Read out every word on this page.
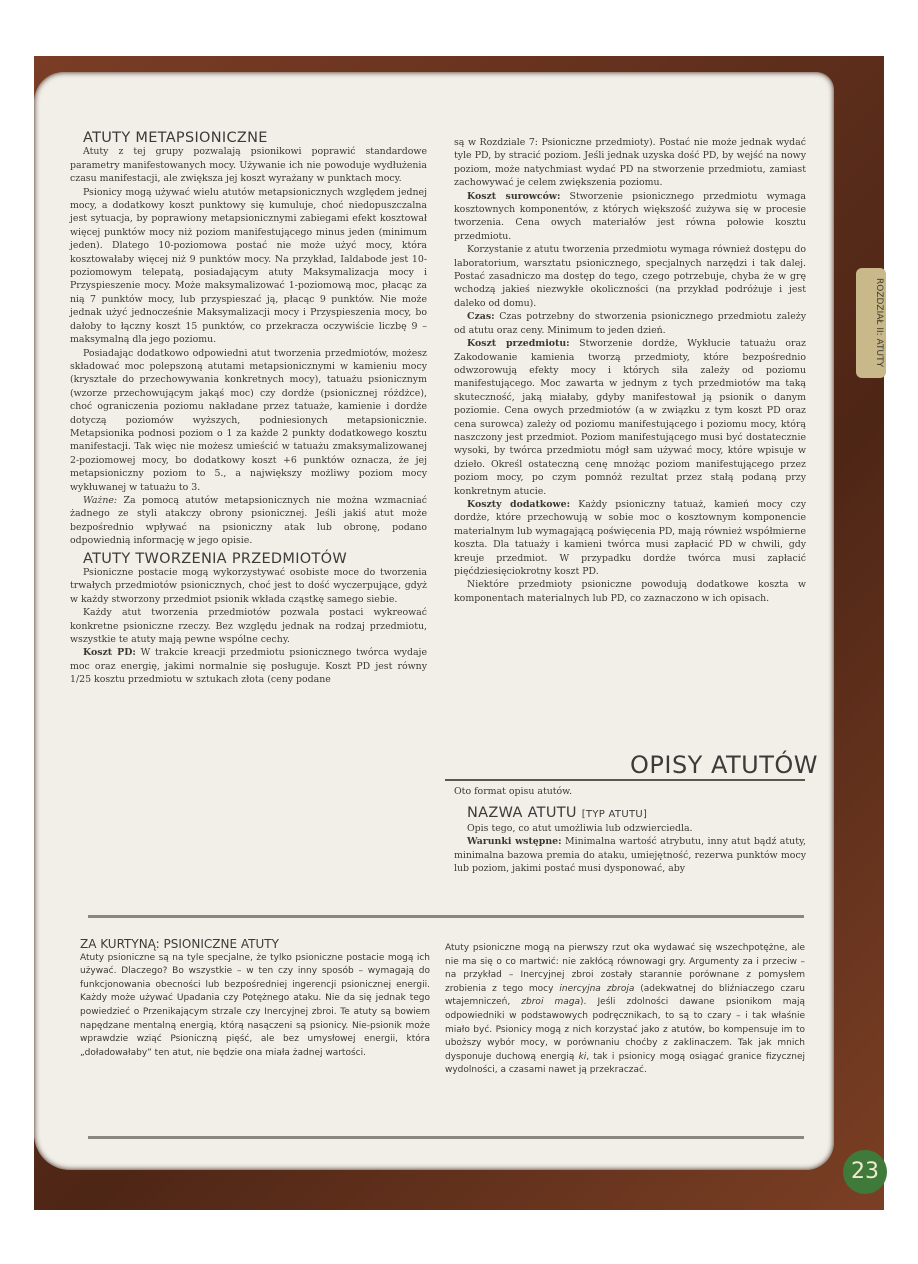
ROZDZIAŁ II: ATUTY

ATUTY METAPSIONICZNE

Atuty z tej grupy pozwalają psionikowi poprawić standardowe parametry manifestowanych mocy. Używanie ich nie powoduje wydłużenia czasu manifestacji, ale zwiększa jej koszt wyrażany w punktach mocy.

Psionicy mogą używać wielu atutów metapsionicznych względem jednej mocy, a dodatkowy koszt punktowy się kumuluje, choć niedopuszczalna jest sytuacja, by poprawiony metapsionicznymi zabiegami efekt kosztował więcej punktów mocy niż poziom manifestującego minus jeden (minimum jeden). Dlatego 10-poziomowa postać nie może użyć mocy, która kosztowałaby więcej niż 9 punktów mocy. Na przykład, Ialdabode jest 10-poziomowym telepatą, posiadającym atuty Maksymalizacja mocy i Przyspieszenie mocy. Może maksymalizować 1-poziomową moc, płacąc za nią 7 punktów mocy, lub przyspieszać ją, płacąc 9 punktów. Nie może jednak użyć jednocześnie Maksymalizacji mocy i Przyspieszenia mocy, bo dałoby to łączny koszt 15 punktów, co przekracza oczywiście liczbę 9 – maksymalną dla jego poziomu.

Posiadając dodatkowo odpowiedni atut tworzenia przedmiotów, możesz składować moc polepszoną atutami metapsionicznymi w kamieniu mocy (kryształe do przechowywania konkretnych mocy), tatuażu psionicznym (wzorze przechowującym jakąś moc) czy dordże (psionicznej różdżce), choć ograniczenia poziomu nakładane przez tatuaże, kamienie i dordże dotyczą poziomów wyższych, podniesionych metapsionicznie. Metapsionika podnosi poziom o 1 za każde 2 punkty dodatkowego kosztu manifestacji. Tak więc nie możesz umieścić w tatuażu zmaksymalizowanej 2-poziomowej mocy, bo dodatkowy koszt +6 punktów oznacza, że jej metapsioniczny poziom to 5., a największy możliwy poziom mocy wykłuwanej w tatuażu to 3.

Ważne: Za pomocą atutów metapsionicznych nie można wzmacniać żadnego ze styli atakczy obrony psionicznej. Jeśli jakiś atut może bezpośrednio wpływać na psioniczny atak lub obronę, podano odpowiednią informację w jego opisie.

ATUTY TWORZENIA PRZEDMIOTÓW

Psioniczne postacie mogą wykorzystywać osobiste moce do tworzenia trwałych przedmiotów psionicznych, choć jest to dość wyczerpujące, gdyż w każdy stworzony przedmiot psionik wkłada cząstkę samego siebie.

Każdy atut tworzenia przedmiotów pozwala postaci wykreować konkretne psioniczne rzeczy. Bez względu jednak na rodzaj przedmiotu, wszystkie te atuty mają pewne wspólne cechy.

Koszt PD: W trakcie kreacji przedmiotu psionicznego twórca wydaje moc oraz energię, jakimi normalnie się posługuje. Koszt PD jest równy 1/25 kosztu przedmiotu w sztukach złota (ceny podane

są w Rozdziale 7: Psioniczne przedmioty). Postać nie może jednak wydać tyle PD, by stracić poziom. Jeśli jednak uzyska dość PD, by wejść na nowy poziom, może natychmiast wydać PD na stworzenie przedmiotu, zamiast zachowywać je celem zwiększenia poziomu.

Koszt surowców: Stworzenie psionicznego przedmiotu wymaga kosztownych komponentów, z których większość zużywa się w procesie tworzenia. Cena owych materiałów jest równa połowie kosztu przedmiotu.

Korzystanie z atutu tworzenia przedmiotu wymaga również dostępu do laboratorium, warsztatu psionicznego, specjalnych narzędzi i tak dalej. Postać zasadniczo ma dostęp do tego, czego potrzebuje, chyba że w grę wchodzą jakieś niezwykłe okoliczności (na przykład podróżuje i jest daleko od domu).

Czas: Czas potrzebny do stworzenia psionicznego przedmiotu zależy od atutu oraz ceny. Minimum to jeden dzień.

Koszt przedmiotu: Stworzenie dordże, Wykłucie tatuażu oraz Zakodowanie kamienia tworzą przedmioty, które bezpośrednio odwzorowują efekty mocy i których siła zależy od poziomu manifestującego. Moc zawarta w jednym z tych przedmiotów ma taką skuteczność, jaką miałaby, gdyby manifestował ją psionik o danym poziomie. Cena owych przedmiotów (a w związku z tym koszt PD oraz cena surowca) zależy od poziomu manifestującego i poziomu mocy, którą naszczony jest przedmiot. Poziom manifestującego musi być dostatecznie wysoki, by twórca przedmiotu mógł sam używać mocy, które wpisuje w dzieło. Określ ostateczną cenę mnożąc poziom manifestującego przez poziom mocy, po czym pomnóż rezultat przez stałą podaną przy konkretnym atucie.

Koszty dodatkowe: Każdy psioniczny tatuaż, kamień mocy czy dordże, które przechowują w sobie moc o kosztownym komponencie materialnym lub wymagającą poświęcenia PD, mają również współmierne koszta. Dla tatuaży i kamieni twórca musi zapłacić PD w chwili, gdy kreuje przedmiot. W przypadku dordże twórca musi zapłacić pięćdziesięciokrotny koszt PD.

Niektóre przedmioty psioniczne powodują dodatkowe koszta w komponentach materialnych lub PD, co zaznaczono w ich opisach.

OPISY ATUTÓW

Oto format opisu atutów.

NAZWA ATUTU [TYP ATUTU]

Opis tego, co atut umożliwia lub odzwierciedla.

Warunki wstępne: Minimalna wartość atrybutu, inny atut bądź atuty, minimalna bazowa premia do ataku, umiejętność, rezerwa punktów mocy lub poziom, jakimi postać musi dysponować, aby

ZA KURTYNĄ: PSIONICZNE ATUTY

Atuty psioniczne są na tyle specjalne, że tylko psioniczne postacie mogą ich używać. Dlaczego? Bo wszystkie – w ten czy inny sposób – wymagają do funkcjonowania obecności lub bezpośredniej ingerencji psionicznej energii. Każdy może używać Upadania czy Potężnego ataku. Nie da się jednak tego powiedzieć o Przenikającym strzale czy Inercyjnej zbroi. Te atuty są bowiem napędzane mentalną energią, którą nasączeni są psionicy. Nie-psionik może wprawdzie wziąć Psioniczną pięść, ale bez umysłowej energii, która „doładowałaby” ten atut, nie będzie ona miała żadnej wartości.

Atuty psioniczne mogą na pierwszy rzut oka wydawać się wszechpotężne, ale nie ma się o co martwić: nie zakłócą równowagi gry. Argumenty za i przeciw – na przykład – Inercyjnej zbroi zostały starannie porównane z pomysłem zrobienia z tego mocy inercyjna zbroja (adekwatnej do bliźniaczego czaru wtajemniczeń, zbroi maga). Jeśli zdolności dawane psionikom mają odpowiedniki w podstawowych podręcznikach, to są to czary – i tak właśnie miało być. Psionicy mogą z nich korzystać jako z atutów, bo kompensuje im to uboższy wybór mocy, w porównaniu choćby z zaklinaczem. Tak jak mnich dysponuje duchową energią ki, tak i psionicy mogą osiągać granice fizycznej wydolności, a czasami nawet ją przekraczać.

23
